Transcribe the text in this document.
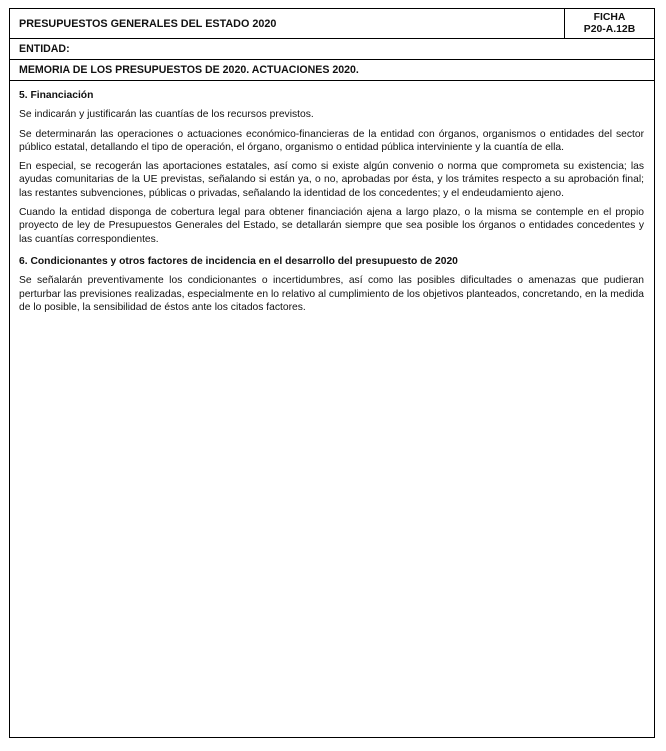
PRESUPUESTOS GENERALES DEL ESTADO 2020
FICHA
P20-A.12B
ENTIDAD:
MEMORIA DE LOS PRESUPUESTOS DE 2020. ACTUACIONES 2020.

5. Financiación

Se indicarán y justificarán las cuantías de los recursos previstos.

Se determinarán las operaciones o actuaciones económico-financieras de la entidad con órganos, organismos o entidades del sector público estatal, detallando el tipo de operación, el órgano, organismo o entidad pública interviniente y la cuantía de ella.

En especial, se recogerán las aportaciones estatales, así como si existe algún convenio o norma que comprometa su existencia; las ayudas comunitarias de la UE previstas, señalando si están ya, o no, aprobadas por ésta, y los trámites respecto a su aprobación final; las restantes subvenciones, públicas o privadas, señalando la identidad de los concedentes; y el endeudamiento ajeno.

Cuando la entidad disponga de cobertura legal para obtener financiación ajena a largo plazo, o la misma se contemple en el propio proyecto de ley de Presupuestos Generales del Estado, se detallarán siempre que sea posible los órganos o entidades concedentes y las cuantías correspondientes.

6. Condicionantes y otros factores de incidencia en el desarrollo del presupuesto de 2020

Se señalarán preventivamente los condicionantes o incertidumbres, así como las posibles dificultades o amenazas que pudieran perturbar las previsiones realizadas, especialmente en lo relativo al cumplimiento de los objetivos planteados, concretando, en la medida de lo posible, la sensibilidad de éstos ante los citados factores.
